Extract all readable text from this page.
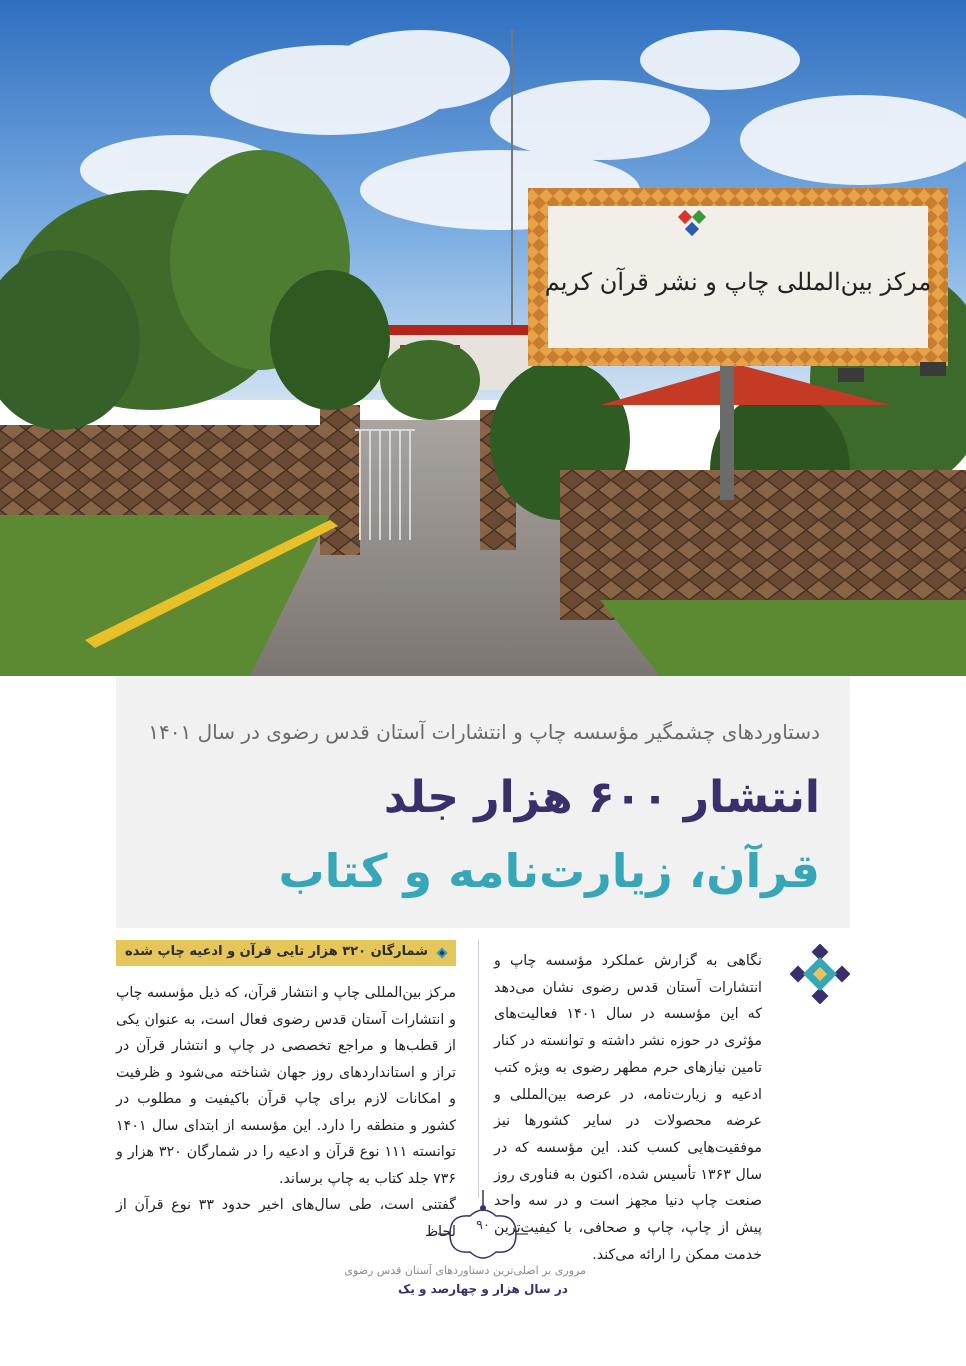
مرکز بین‌المللی چاپ و نشر قرآن کریم
دستاوردهای چشمگیر مؤسسه چاپ و انتشارات آستان قدس رضوی در سال ۱۴۰۱
انتشار ۶۰۰ هزار جلد
قرآن، زیارت‌نامه و کتاب

نگاهی به گزارش عملکرد مؤسسه چاپ و انتشارات آستان قدس رضوی نشان می‌دهد که این مؤسسه در سال ۱۴۰۱ فعالیت‌های مؤثری در حوزه نشر داشته و توانسته در کنار تامین نیازهای حرم مطهر رضوی به ویژه کتب ادعیه و زیارت‌نامه، در عرصه بین‌المللی و عرضه محصولات در سایر کشورها نیز موفقیت‌هایی کسب کند. این مؤسسه که در سال ۱۳۶۳ تأسیس شده، اکنون به فناوری روز صنعت چاپ دنیا مجهز است و در سه واحد پیش از چاپ، چاپ و صحافی، با کیفیت‌ترین خدمت ممکن را ارائه می‌کند.

شمارگان ۳۲۰ هزار تایی قرآن و ادعیه چاپ شده

مرکز بین‌المللی چاپ و انتشار قرآن، که ذیل مؤسسه چاپ و انتشارات آستان قدس رضوی فعال است، به عنوان یکی از قطب‌ها و مراجع تخصصی در چاپ و انتشار قرآن در تراز و استانداردهای روز جهان شناخته می‌شود و ظرفیت و امکانات لازم برای چاپ قرآن باکیفیت و مطلوب در کشور و منطقه را دارد. این مؤسسه از ابتدای سال ۱۴۰۱ توانسته ۱۱۱ نوع قرآن و ادعیه را در شمارگان ۳۲۰ هزار و ۷۳۶ جلد کتاب به چاپ برساند.

گفتنی است، طی سال‌های اخیر حدود ۳۳ نوع قرآن از لحاظ	۹۰
مروری بر اصلی‌ترین دستاوردهای آستان قدس رضوی
در سال هزار و چهارصد و یک
